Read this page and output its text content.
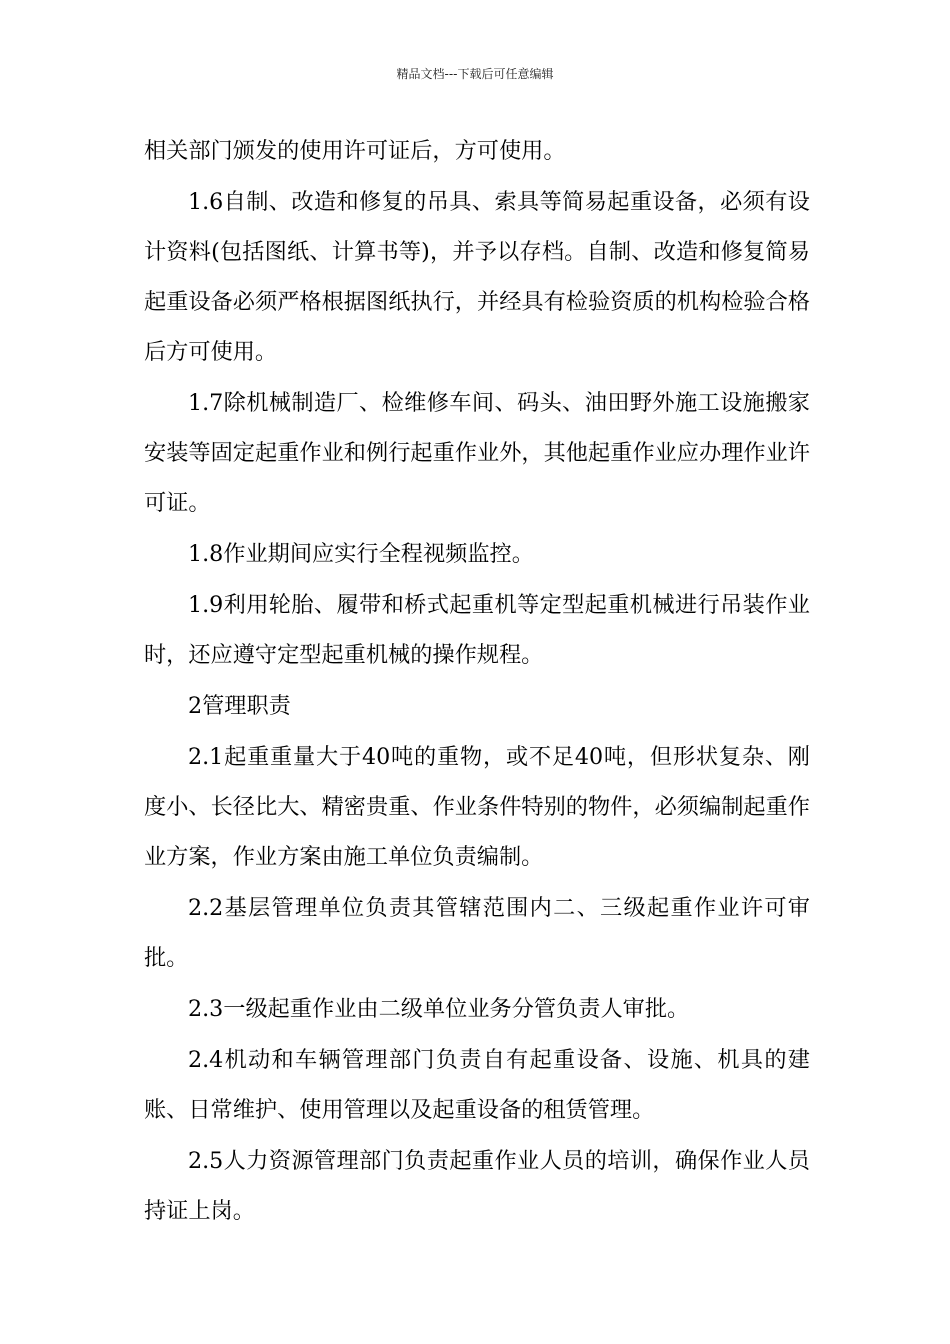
精品文档---下载后可任意编辑

相关部门颁发的使用许可证后，方可使用。

1.6自制、改造和修复的吊具、索具等简易起重设备，必须有设计资料(包括图纸、计算书等)，并予以存档。自制、改造和修复简易起重设备必须严格根据图纸执行，并经具有检验资质的机构检验合格后方可使用。

1.7除机械制造厂、检维修车间、码头、油田野外施工设施搬家安装等固定起重作业和例行起重作业外，其他起重作业应办理作业许可证。

1.8作业期间应实行全程视频监控。

1.9利用轮胎、履带和桥式起重机等定型起重机械进行吊装作业时，还应遵守定型起重机械的操作规程。

2管理职责

2.1起重重量大于40吨的重物，或不足40吨，但形状复杂、刚度小、长径比大、精密贵重、作业条件特别的物件，必须编制起重作业方案，作业方案由施工单位负责编制。

2.2基层管理单位负责其管辖范围内二、三级起重作业许可审批。

2.3一级起重作业由二级单位业务分管负责人审批。

2.4机动和车辆管理部门负责自有起重设备、设施、机具的建账、日常维护、使用管理以及起重设备的租赁管理。

2.5人力资源管理部门负责起重作业人员的培训，确保作业人员持证上岗。
